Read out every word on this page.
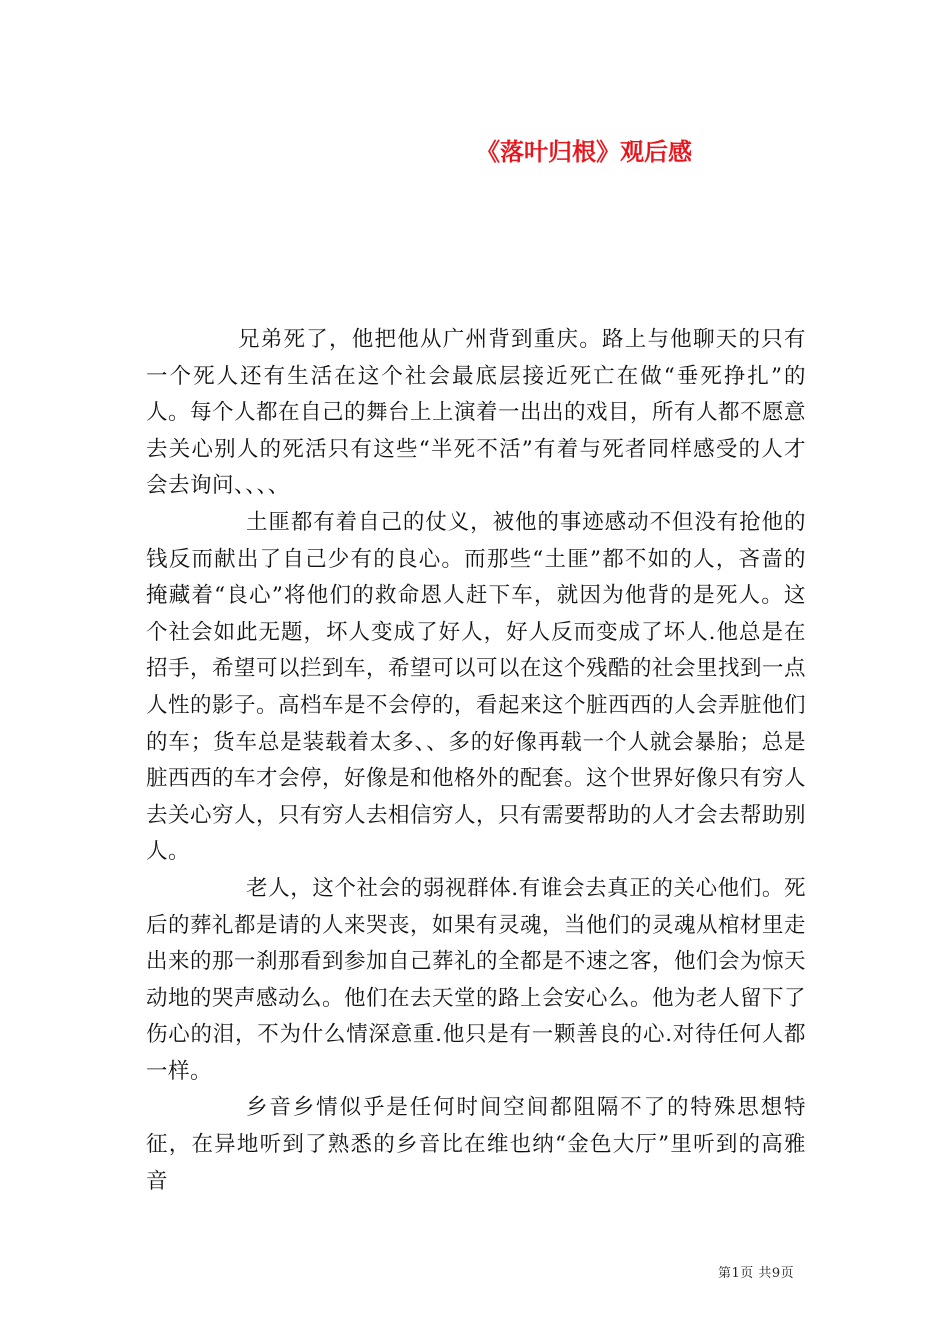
《落叶归根》观后感

兄弟死了，他把他从广州背到重庆。路上与他聊天的只有一个死人还有生活在这个社会最底层接近死亡在做“垂死挣扎”的人。每个人都在自己的舞台上上演着一出出的戏目，所有人都不愿意去关心别人的死活只有这些“半死不活”有着与死者同样感受的人才会去询问、、、、

土匪都有着自己的仗义，被他的事迹感动不但没有抢他的钱反而献出了自己少有的良心。而那些“土匪”都不如的人，吝啬的掩藏着“良心”将他们的救命恩人赶下车，就因为他背的是死人。这个社会如此无题，坏人变成了好人，好人反而变成了坏人.他总是在招手，希望可以拦到车，希望可以可以在这个残酷的社会里找到一点人性的影子。高档车是不会停的，看起来这个脏西西的人会弄脏他们的车；货车总是装载着太多、、多的好像再载一个人就会暴胎；总是脏西西的车才会停，好像是和他格外的配套。这个世界好像只有穷人去关心穷人，只有穷人去相信穷人，只有需要帮助的人才会去帮助别人。

老人，这个社会的弱视群体.有谁会去真正的关心他们。死后的葬礼都是请的人来哭丧，如果有灵魂，当他们的灵魂从棺材里走出来的那一刹那看到参加自己葬礼的全都是不速之客，他们会为惊天动地的哭声感动么。他们在去天堂的路上会安心么。他为老人留下了伤心的泪，不为什么情深意重.他只是有一颗善良的心.对待任何人都一样。

乡音乡情似乎是任何时间空间都阻隔不了的特殊思想特征，在异地听到了熟悉的乡音比在维也纳“金色大厅”里听到的高雅音

第1页 共9页
